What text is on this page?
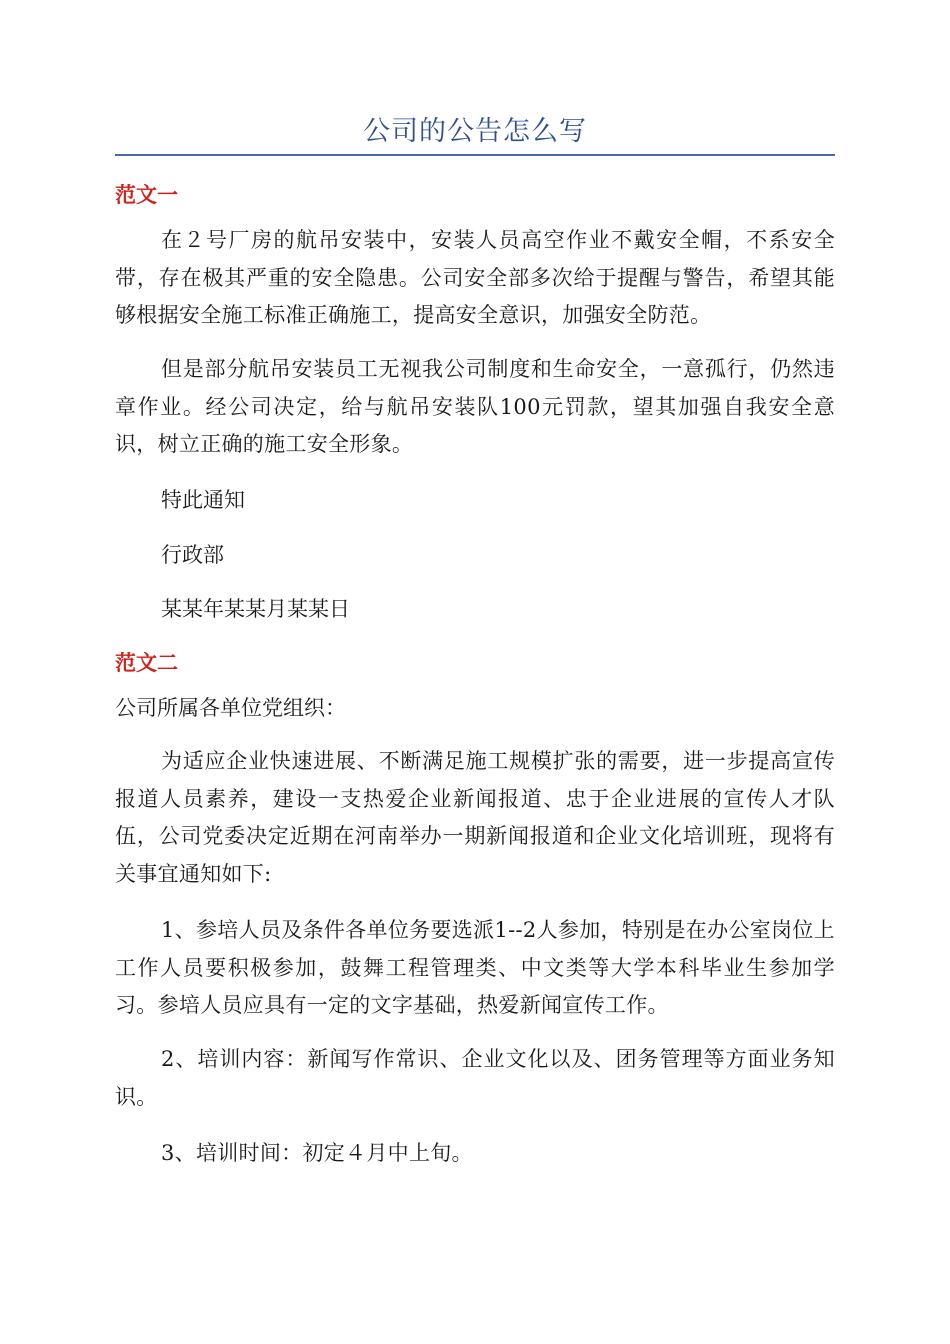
公司的公告怎么写
范文一
在２号厂房的航吊安装中，安装人员高空作业不戴安全帽，不系安全带，存在极其严重的安全隐患。公司安全部多次给于提醒与警告，希望其能够根据安全施工标准正确施工，提高安全意识，加强安全防范。
但是部分航吊安装员工无视我公司制度和生命安全，一意孤行，仍然违章作业。经公司决定，给与航吊安装队100元罚款，望其加强自我安全意识，树立正确的施工安全形象。
特此通知
行政部
某某年某某月某某日
范文二
公司所属各单位党组织：
为适应企业快速进展、不断满足施工规模扩张的需要，进一步提高宣传报道人员素养，建设一支热爱企业新闻报道、忠于企业进展的宣传人才队伍，公司党委决定近期在河南举办一期新闻报道和企业文化培训班，现将有关事宜通知如下:
1、参培人员及条件各单位务要选派1--2人参加，特别是在办公室岗位上工作人员要积极参加，鼓舞工程管理类、中文类等大学本科毕业生参加学习。参培人员应具有一定的文字基础，热爱新闻宣传工作。
2、培训内容：新闻写作常识、企业文化以及、团务管理等方面业务知识。
3、培训时间：初定４月中上旬。
